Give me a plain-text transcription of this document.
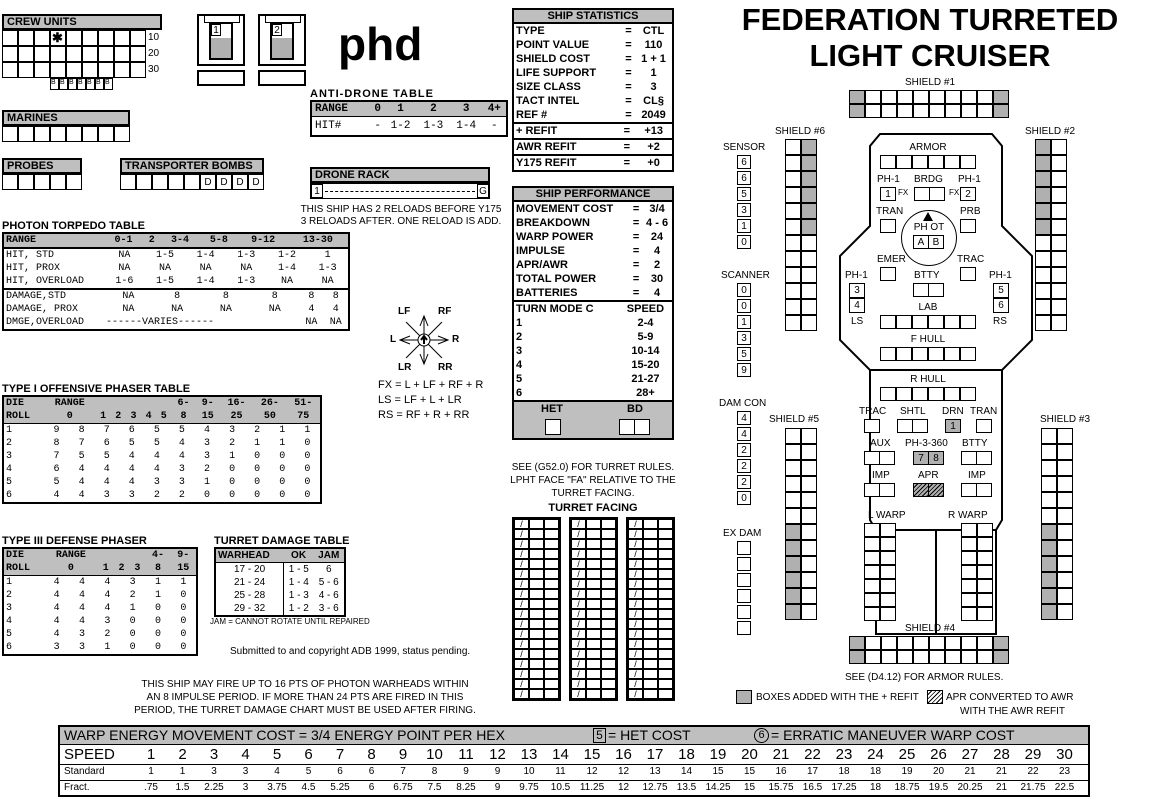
CREW UNITS
10
20
30
✱
B B B B B B B
1	2 phd
MARINES
PROBES	TRANSPORTER BOMBS
D D D D
ANTI-DRONE TABLE
RANGE	0	1	2	3	4+
HIT#	-	1-2	1-3	1-4	-
DRONE RACK
1	G
THIS SHIP HAS 2 RELOADS BEFORE Y175
3 RELOADS AFTER. ONE RELOAD IS ADD.
PHOTON TORPEDO TABLE
RANGE	0-1	2	3-4	5-8	9-12	13-30
HIT, STD	NA	1-5	1-4	1-3	1-2	1
HIT, PROX	NA	NA	NA	NA	1-4	1-3
HIT, OVERLOAD	1-6	1-5	1-4	1-3	NA	NA
DAMAGE,STD	NA	8	8	8	8	8
DAMAGE, PROX	NA	NA	NA	NA	4	4
DMGE,OVERLOAD	------VARIES------				NA	NA
LF	RF
L	R
LR	RR
FX = L + LF + RF + R
LS = LF + L + LR
RS = RF + R + RR
TYPE I OFFENSIVE PHASER TABLE
DIE	RANGE						6-	9-	16-	26-	51-
ROLL	0	1	2	3	4	5	8	15	25	50	75
1	9	8	7	6	5	5	4	3	2	1	1
2	8	7	6	5	5	4	3	2	1	1	0
3	7	5	5	4	4	4	3	1	0	0	0
4	6	4	4	4	4	3	2	0	0	0	0
5	5	4	4	4	3	3	1	0	0	0	0
6	4	4	3	3	2	2	0	0	0	0	0
TYPE III DEFENSE PHASER
DIE	RANGE				4-	9-
ROLL	0	1	2	3	8	15
1	4	4	4	3	1	1
2	4	4	4	2	1	0
3	4	4	4	1	0	0
4	4	4	3	0	0	0
5	4	3	2	0	0	0
6	3	3	1	0	0	0
TURRET DAMAGE TABLE
WARHEAD	OK	JAM
17 - 20	1 - 5	6
21 - 24	1 - 4	5 - 6
25 - 28	1 - 3	4 - 6
29 - 32	1 - 2	3 - 6
JAM = CANNOT ROTATE UNTIL REPAIRED
Submitted to and copyright ADB 1999, status pending.
THIS SHIP MAY FIRE UP TO 16 PTS OF PHOTON WARHEADS WITHIN
AN 8 IMPULSE PERIOD. IF MORE THAN 24 PTS ARE FIRED IN THIS
PERIOD, THE TURRET DAMAGE CHART MUST BE USED AFTER FIRING.
SHIP STATISTICS
TYPE	=	CTL
POINT VALUE	=	110
SHIELD COST	=	1 + 1
LIFE SUPPORT	=	1
SIZE CLASS	=	3
TACT INTEL	=	CL§
REF #	=	2049
+ REFIT	=	+13
AWR REFIT	=	+2
Y175 REFIT	=	+0
SHIP PERFORMANCE
MOVEMENT COST	=	3/4
BREAKDOWN	=	4 - 6
WARP POWER	=	24
IMPULSE	=	4
APR/AWR	=	2
TOTAL POWER	=	30
BATTERIES	=	4
TURN MODE C	SPEED
1	2-4
2	5-9
3	10-14
4	15-20
5	21-27
6	28+
HET	BD
SEE (G52.0) FOR TURRET RULES.
LPHT FACE "FA" RELATIVE TO THE
TURRET FACING.
TURRET FACING
/
/
/
/
/
/
/
/
/
/
/
/
/
/
/
/
/
/
/
/
/
/
/
/
/
/
/
/
/
/
/
/
/
/
/
/
/
/
/
/
/
/
/
/
/
/
/
/
/
/
/
/
/
/
FEDERATION TURRETED
LIGHT CRUISER
SHIELD #1
SHIELD #6	SHIELD #2
SHIELD #5	SHIELD #3
SHIELD #4
SENSOR
6
6
5
3
1
0
SCANNER
0
0
1
3
5
9
DAM CON
4
4
2
2
2
0
EX DAM
ARMOR
PH-1 BRDG PH-1
1 FX	FX 2
TRAN	PRB
PH OT
A B
EMER	TRAC
BTTY
PH-1
3
4
LS
PH-1
5
6
RS
LAB
F HULL
R HULL
TRAC SHTL DRN
1
TRAN
AUX PH-3-360
7 8
BTTY
IMP	APR	IMP
L WARP	R WARP
SEE (D4.12) FOR ARMOR RULES.
BOXES ADDED WITH THE + REFIT	APR CONVERTED TO AWR
WITH THE AWR REFIT
WARP ENERGY MOVEMENT COST = 3/4 ENERGY POINT PER HEX	5 = HET COST	6 = ERRATIC MANEUVER WARP COST
SPEED	1	2	3	4	5	6	7	8	9	10	11	12 13 14 15 16 17 18 19 20 21 22 23 24 25 26 27 28 29 30
Standard	1	1	3	3	4	5	6	6	7	8	9	9	10	11	12	12	13	14	15	15	16	17	18	18	19	20	21	21	22	23
Fract.	.75	1.5	2.25	3	3.75	4.5	5.25	6	6.75	7.5	8.25	9	9.75	10.5 11.25	12	12.75 13.5 14.25	15	15.75 16.5 17.25	18	18.75 19.5 20.25	21	21.75 22.5
